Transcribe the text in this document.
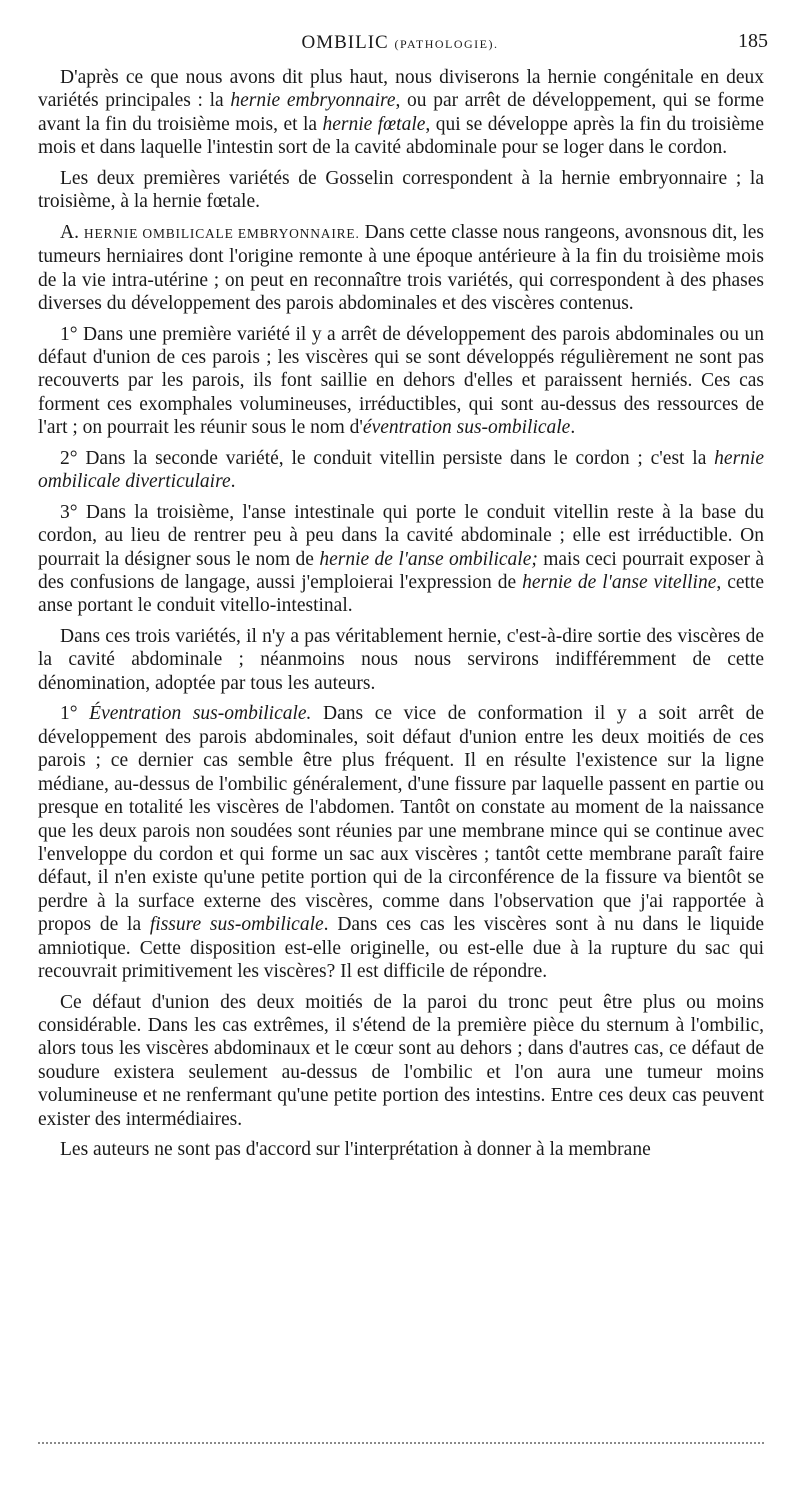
OMBILIC (PATHOLOGIE).	185

D'après ce que nous avons dit plus haut, nous diviserons la hernie congénitale en deux variétés principales : la hernie embryonnaire, ou par arrêt de développement, qui se forme avant la fin du troisième mois, et la hernie fœtale, qui se développe après la fin du troisième mois et dans laquelle l'intestin sort de la cavité abdominale pour se loger dans le cordon.

Les deux premières variétés de Gosselin correspondent à la hernie embryonnaire ; la troisième, à la hernie fœtale.

A. HERNIE OMBILICALE EMBRYONNAIRE. Dans cette classe nous rangeons, avonsnous dit, les tumeurs herniaires dont l'origine remonte à une époque antérieure à la fin du troisième mois de la vie intra-utérine ; on peut en reconnaître trois variétés, qui correspondent à des phases diverses du développement des parois abdominales et des viscères contenus.

1° Dans une première variété il y a arrêt de développement des parois abdominales ou un défaut d'union de ces parois ; les viscères qui se sont développés régulièrement ne sont pas recouverts par les parois, ils font saillie en dehors d'elles et paraissent herniés. Ces cas forment ces exomphales volumineuses, irréductibles, qui sont au-dessus des ressources de l'art ; on pourrait les réunir sous le nom d'éventration sus-ombilicale.

2° Dans la seconde variété, le conduit vitellin persiste dans le cordon ; c'est la hernie ombilicale diverticulaire.

3° Dans la troisième, l'anse intestinale qui porte le conduit vitellin reste à la base du cordon, au lieu de rentrer peu à peu dans la cavité abdominale ; elle est irréductible. On pourrait la désigner sous le nom de hernie de l'anse ombilicale; mais ceci pourrait exposer à des confusions de langage, aussi j'emploierai l'expression de hernie de l'anse vitelline, cette anse portant le conduit vitello-intestinal.

Dans ces trois variétés, il n'y a pas véritablement hernie, c'est-à-dire sortie des viscères de la cavité abdominale ; néanmoins nous nous servirons indifféremment de cette dénomination, adoptée par tous les auteurs.

1° Éventration sus-ombilicale. Dans ce vice de conformation il y a soit arrêt de développement des parois abdominales, soit défaut d'union entre les deux moitiés de ces parois ; ce dernier cas semble être plus fréquent. Il en résulte l'existence sur la ligne médiane, au-dessus de l'ombilic généralement, d'une fissure par laquelle passent en partie ou presque en totalité les viscères de l'abdomen. Tantôt on constate au moment de la naissance que les deux parois non soudées sont réunies par une membrane mince qui se continue avec l'enveloppe du cordon et qui forme un sac aux viscères ; tantôt cette membrane paraît faire défaut, il n'en existe qu'une petite portion qui de la circonférence de la fissure va bientôt se perdre à la surface externe des viscères, comme dans l'observation que j'ai rapportée à propos de la fissure sus-ombilicale. Dans ces cas les viscères sont à nu dans le liquide amniotique. Cette disposition est-elle originelle, ou est-elle due à la rupture du sac qui recouvrait primitivement les viscères? Il est difficile de répondre.

Ce défaut d'union des deux moitiés de la paroi du tronc peut être plus ou moins considérable. Dans les cas extrêmes, il s'étend de la première pièce du sternum à l'ombilic, alors tous les viscères abdominaux et le cœur sont au dehors ; dans d'autres cas, ce défaut de soudure existera seulement au-dessus de l'ombilic et l'on aura une tumeur moins volumineuse et ne renfermant qu'une petite portion des intestins. Entre ces deux cas peuvent exister des intermédiaires.

Les auteurs ne sont pas d'accord sur l'interprétation à donner à la membrane
